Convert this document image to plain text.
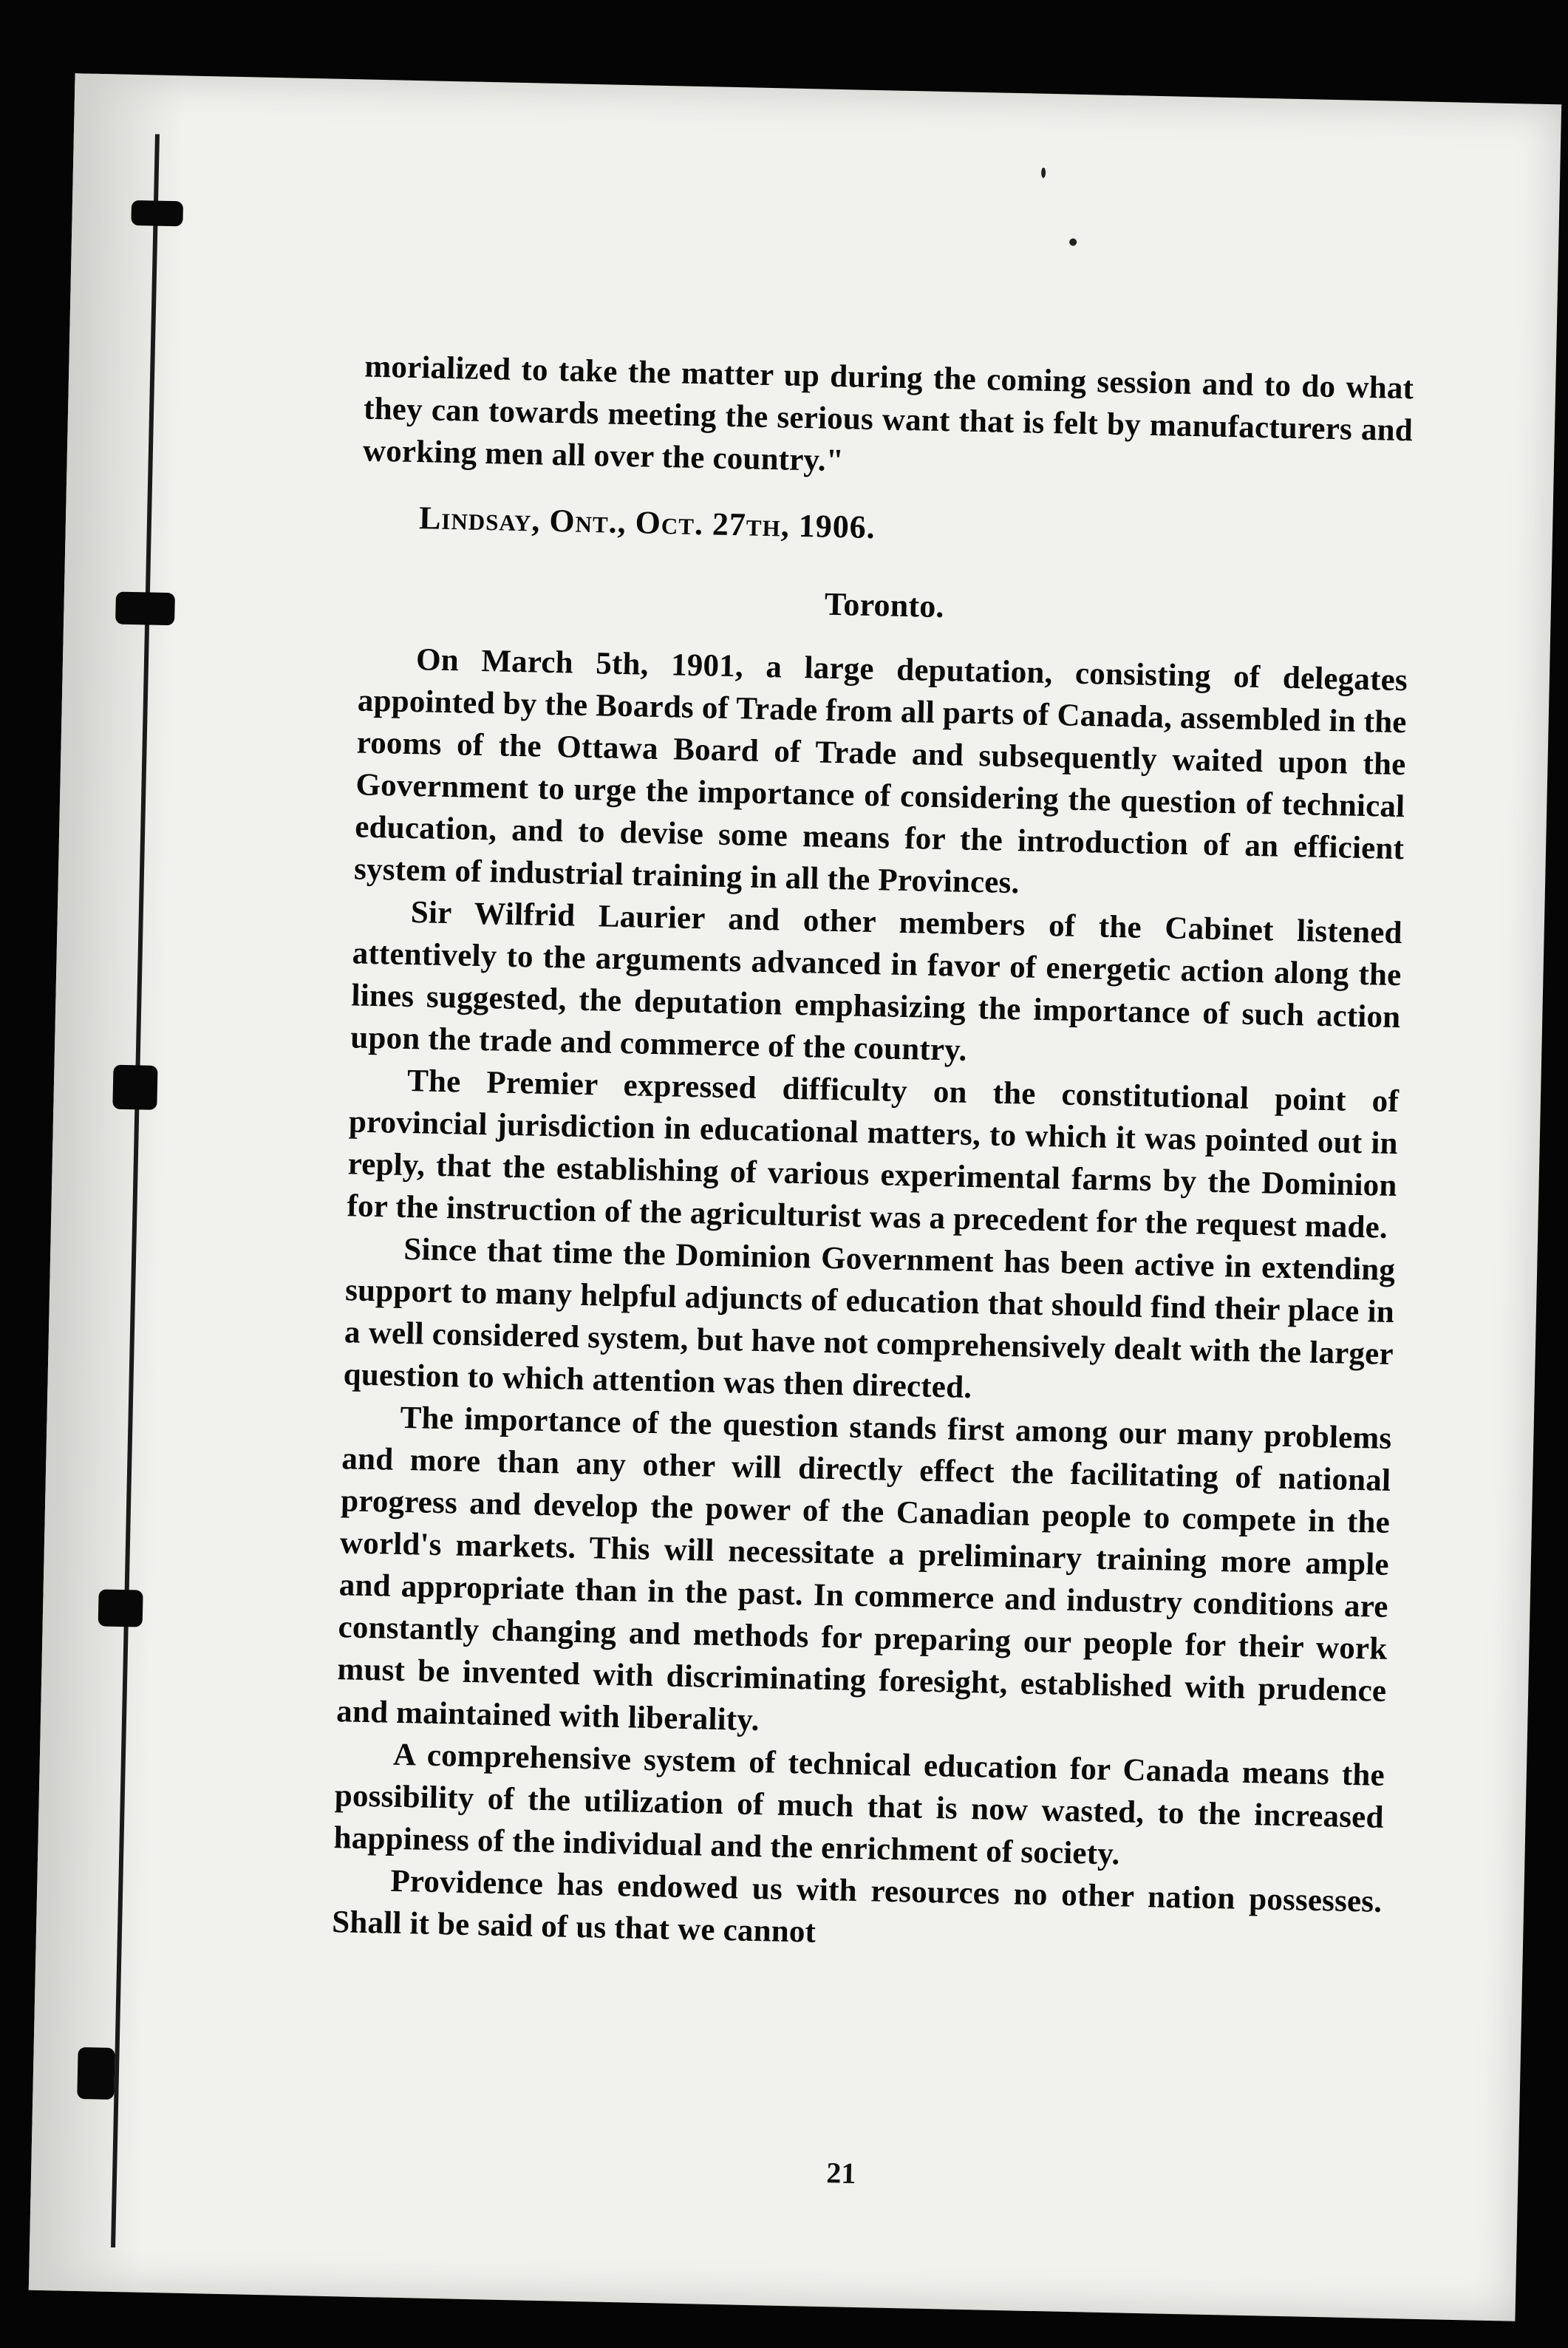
morialized to take the matter up during the coming session and to do what they can towards meeting the serious want that is felt by manufacturers and working men all over the country."

Lindsay, Ont., Oct. 27th, 1906.
Toronto.

On March 5th, 1901, a large deputation, consisting of delegates appointed by the Boards of Trade from all parts of Canada, assembled in the rooms of the Ottawa Board of Trade and subsequently waited upon the Government to urge the importance of considering the question of technical education, and to devise some means for the introduction of an efficient system of industrial training in all the Provinces.

Sir Wilfrid Laurier and other members of the Cabinet listened attentively to the arguments advanced in favor of energetic action along the lines suggested, the deputation emphasizing the importance of such action upon the trade and commerce of the country.

The Premier expressed difficulty on the constitutional point of provincial jurisdiction in educational matters, to which it was pointed out in reply, that the establishing of various experimental farms by the Dominion for the instruction of the agriculturist was a precedent for the request made.

Since that time the Dominion Government has been active in extending support to many helpful adjuncts of education that should find their place in a well considered system, but have not comprehensively dealt with the larger question to which attention was then directed.

The importance of the question stands first among our many problems and more than any other will directly effect the facilitating of national progress and develop the power of the Canadian people to compete in the world's markets. This will necessitate a preliminary training more ample and appropriate than in the past. In commerce and industry conditions are constantly changing and methods for preparing our people for their work must be invented with discriminating foresight, established with prudence and maintained with liberality.

A comprehensive system of technical education for Canada means the possibility of the utilization of much that is now wasted, to the increased happiness of the individual and the enrichment of society.

Providence has endowed us with resources no other nation possesses. Shall it be said of us that we cannot

21
